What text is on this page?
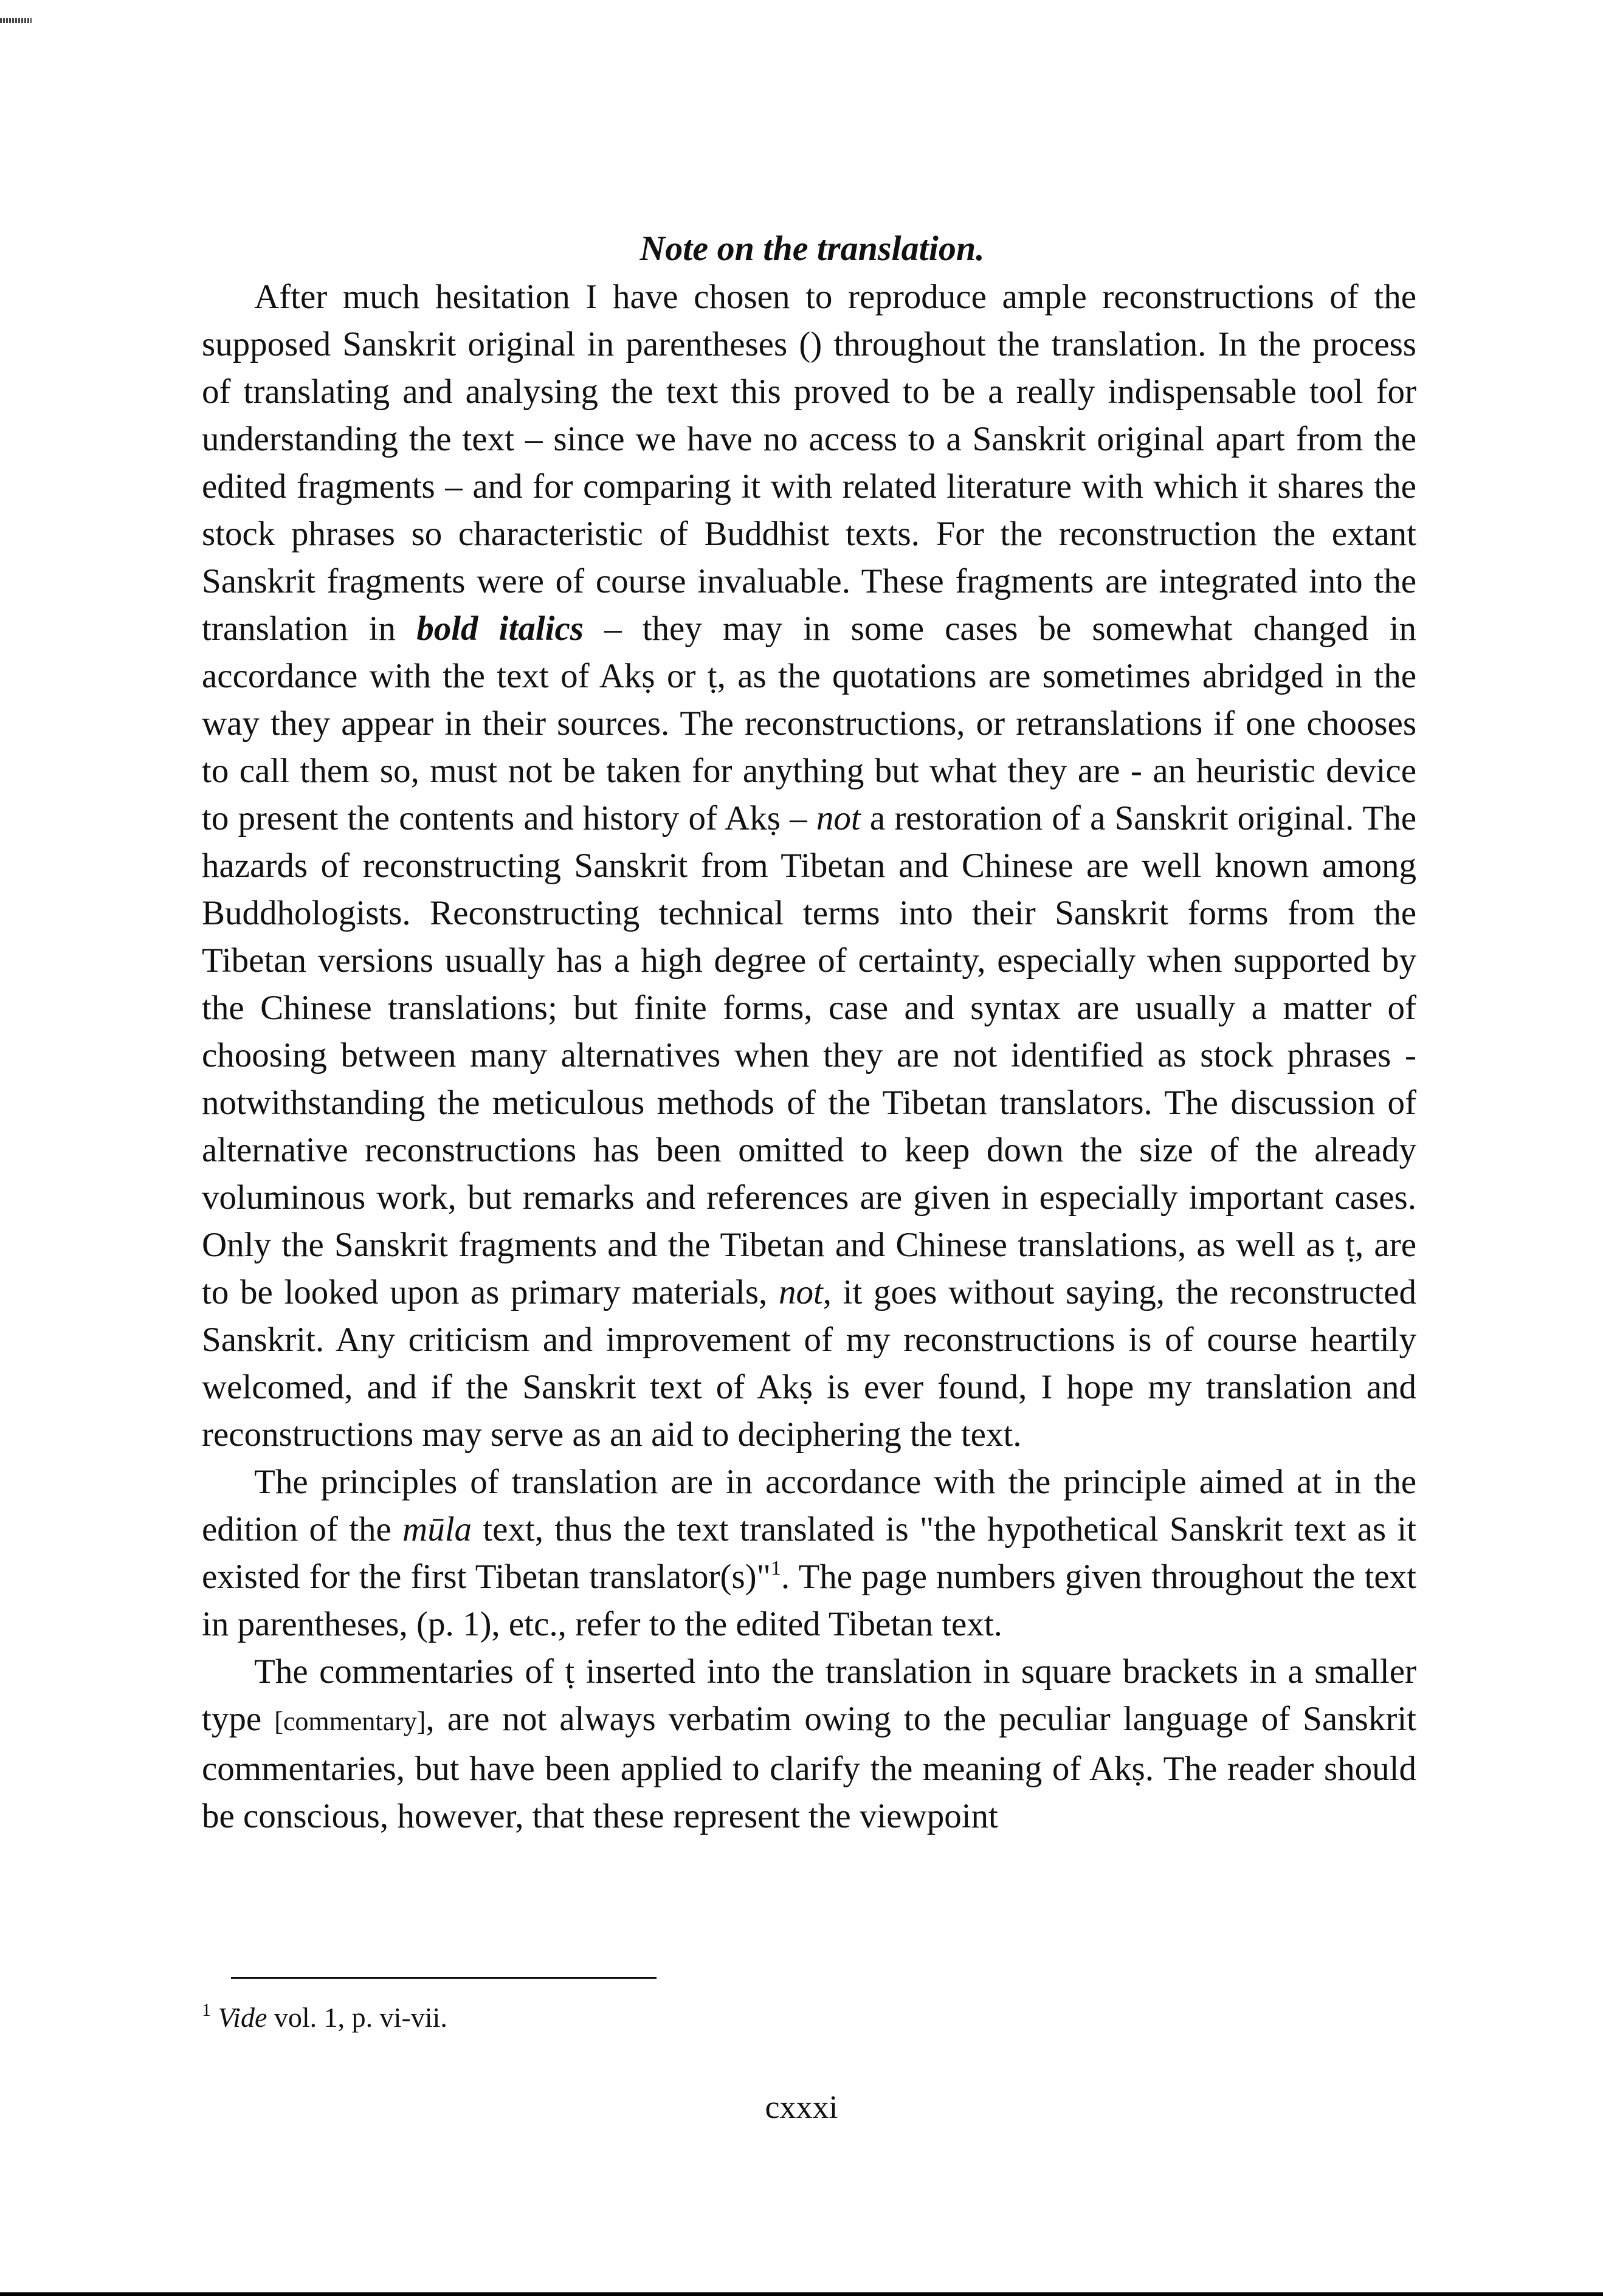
Note on the translation.

After much hesitation I have chosen to reproduce ample reconstructions of the supposed Sanskrit original in parentheses () throughout the translation. In the process of translating and analysing the text this proved to be a really indispensable tool for understanding the text – since we have no access to a Sanskrit original apart from the edited fragments – and for comparing it with related literature with which it shares the stock phrases so characteristic of Buddhist texts. For the reconstruction the extant Sanskrit fragments were of course invaluable. These fragments are integrated into the translation in bold italics – they may in some cases be somewhat changed in accordance with the text of Akṣ or ṭ, as the quotations are sometimes abridged in the way they appear in their sources. The reconstructions, or retranslations if one chooses to call them so, must not be taken for anything but what they are - an heuristic device to present the contents and history of Akṣ – not a restoration of a Sanskrit original. The hazards of reconstructing Sanskrit from Tibetan and Chinese are well known among Buddhologists. Reconstructing technical terms into their Sanskrit forms from the Tibetan versions usually has a high degree of certainty, especially when supported by the Chinese translations; but finite forms, case and syntax are usually a matter of choosing between many alternatives when they are not identified as stock phrases - notwithstanding the meticulous methods of the Tibetan translators. The discussion of alternative reconstructions has been omitted to keep down the size of the already voluminous work, but remarks and references are given in especially important cases. Only the Sanskrit fragments and the Tibetan and Chinese translations, as well as ṭ, are to be looked upon as primary materials, not, it goes without saying, the reconstructed Sanskrit. Any criticism and improvement of my reconstructions is of course heartily welcomed, and if the Sanskrit text of Akṣ is ever found, I hope my translation and reconstructions may serve as an aid to deciphering the text.

The principles of translation are in accordance with the principle aimed at in the edition of the mūla text, thus the text translated is "the hypothetical Sanskrit text as it existed for the first Tibetan translator(s)"$^1$. The page numbers given throughout the text in parentheses, (p. 1), etc., refer to the edited Tibetan text.

The commentaries of ṭ inserted into the translation in square brackets in a smaller type [commentary], are not always verbatim owing to the peculiar language of Sanskrit commentaries, but have been applied to clarify the meaning of Akṣ. The reader should be conscious, however, that these represent the viewpoint

$^1$ Vide vol. 1, p. vi-vii.
cxxxi
